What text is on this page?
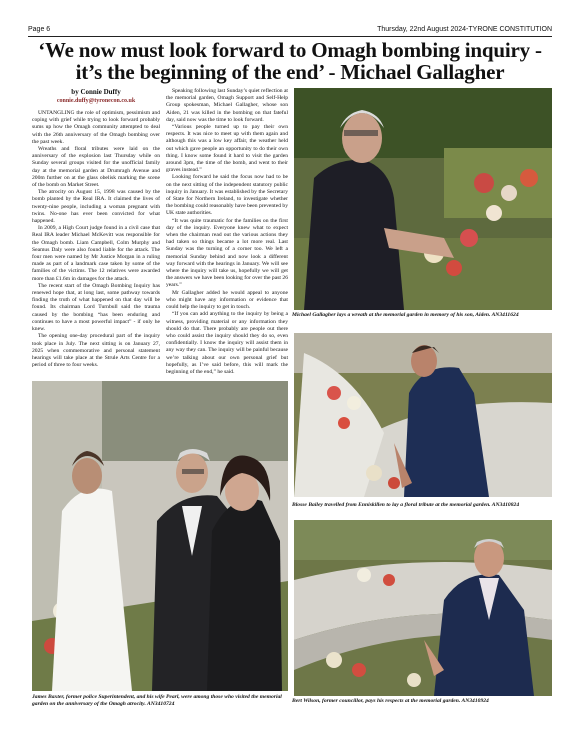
Page 6	Thursday, 22nd August 2024-TYRONE CONSTITUTION
‘We now must look forward to Omagh bombing inquiry - it’s the beginning of the end’ - Michael Gallagher
by Connie Duffy
connie.duffy@tyronecon.co.uk

UNTANGLING the role of optimism, pessimism and coping with grief while trying to look forward probably sums up how the Omagh community attempted to deal with the 26th anniversary of the Omagh bombing over the past week.

Wreaths and floral tributes were laid on the anniversary of the explosion last Thursday while on Sunday several groups visited for the unofficial family day at the memorial garden at Drumragh Avenue and 200m further on at the glass obelisk marking the scene of the bomb on Market Street.

The atrocity on August 15, 1998 was caused by the bomb planted by the Real IRA. It claimed the lives of twenty-nine people, including a woman pregnant with twins. No-one has ever been convicted for what happened.

In 2009, a High Court judge found in a civil case that Real IRA leader Michael McKevitt was responsible for the Omagh bomb. Liam Campbell, Colm Murphy and Seamus Daly were also found liable for the attack. The four men were named by Mr Justice Morgan in a ruling made as part of a landmark case taken by some of the families of the victims. The 12 relatives were awarded more than £1.6m in damages for the attack.

The recent start of the Omagh Bombing Inquiry has renewed hope that, at long last, some pathway towards finding the truth of what happened on that day will be found. Its chairman Lord Turnbull said the trauma caused by the bombing “has been enduring and continues to have a most powerful impact” - if only he knew.

The opening one-day procedural part of the inquiry took place in July. The next sitting is on January 27, 2025 when commemorative and personal statement hearings will take place at the Strule Arts Centre for a period of three to four weeks.

Speaking following last Sunday’s quiet reflection at the memorial garden, Omagh Support and Self-Help Group spokesman, Michael Gallagher, whose son Aiden, 21 was killed in the bombing on that fateful day, said now was the time to look forward.

“Various people turned up to pay their own respects. It was nice to meet up with them again and although this was a low key affair, the weather held out which gave people an opportunity to do their own thing. I know some found it hard to visit the garden around 3pm, the time of the bomb, and went to their graves instead.”

Looking forward he said the focus now had to be on the next sitting of the independent statutory public inquiry in January. It was established by the Secretary of State for Northern Ireland, to investigate whether the bombing could reasonably have been prevented by UK state authorities.

“It was quite traumatic for the families on the first day of the inquiry. Everyone knew what to expect when the chairman read out the various actions they had taken so things became a lot more real. Last Sunday was the turning of a corner too. We left a memorial Sunday behind and now look a different way forward with the hearings in January. We will see where the inquiry will take us, hopefully we will get the answers we have been looking for over the past 26 years.”

Mr Gallagher added he would appeal to anyone who might have any information or evidence that could help the inquiry to get in touch.

“If you can add anything to the inquiry by being a witness, providing material or any information they should do that. There probably are people out there who could assist the inquiry should they do so, even confidentially. I know the inquiry will assist them in any way they can. The inquiry will be painful because we’re talking about our own personal grief but hopefully, as I’ve said before, this will mark the beginning of the end,” he said.

Michael Gallagher lays a wreath at the memorial garden in memory of his son, Aiden. AN3411624
Blosse Bailey travelled from Enniskillen to lay a floral tribute at the memorial garden. AN3410824
James Baxter, former police Superintendent, and his wife Pearl, were among those who visited the memorial garden on the anniversary of the Omagh atrocity. AN3410724	Bert Wilson, former councillor, pays his respects at the memorial garden. AN3410924
